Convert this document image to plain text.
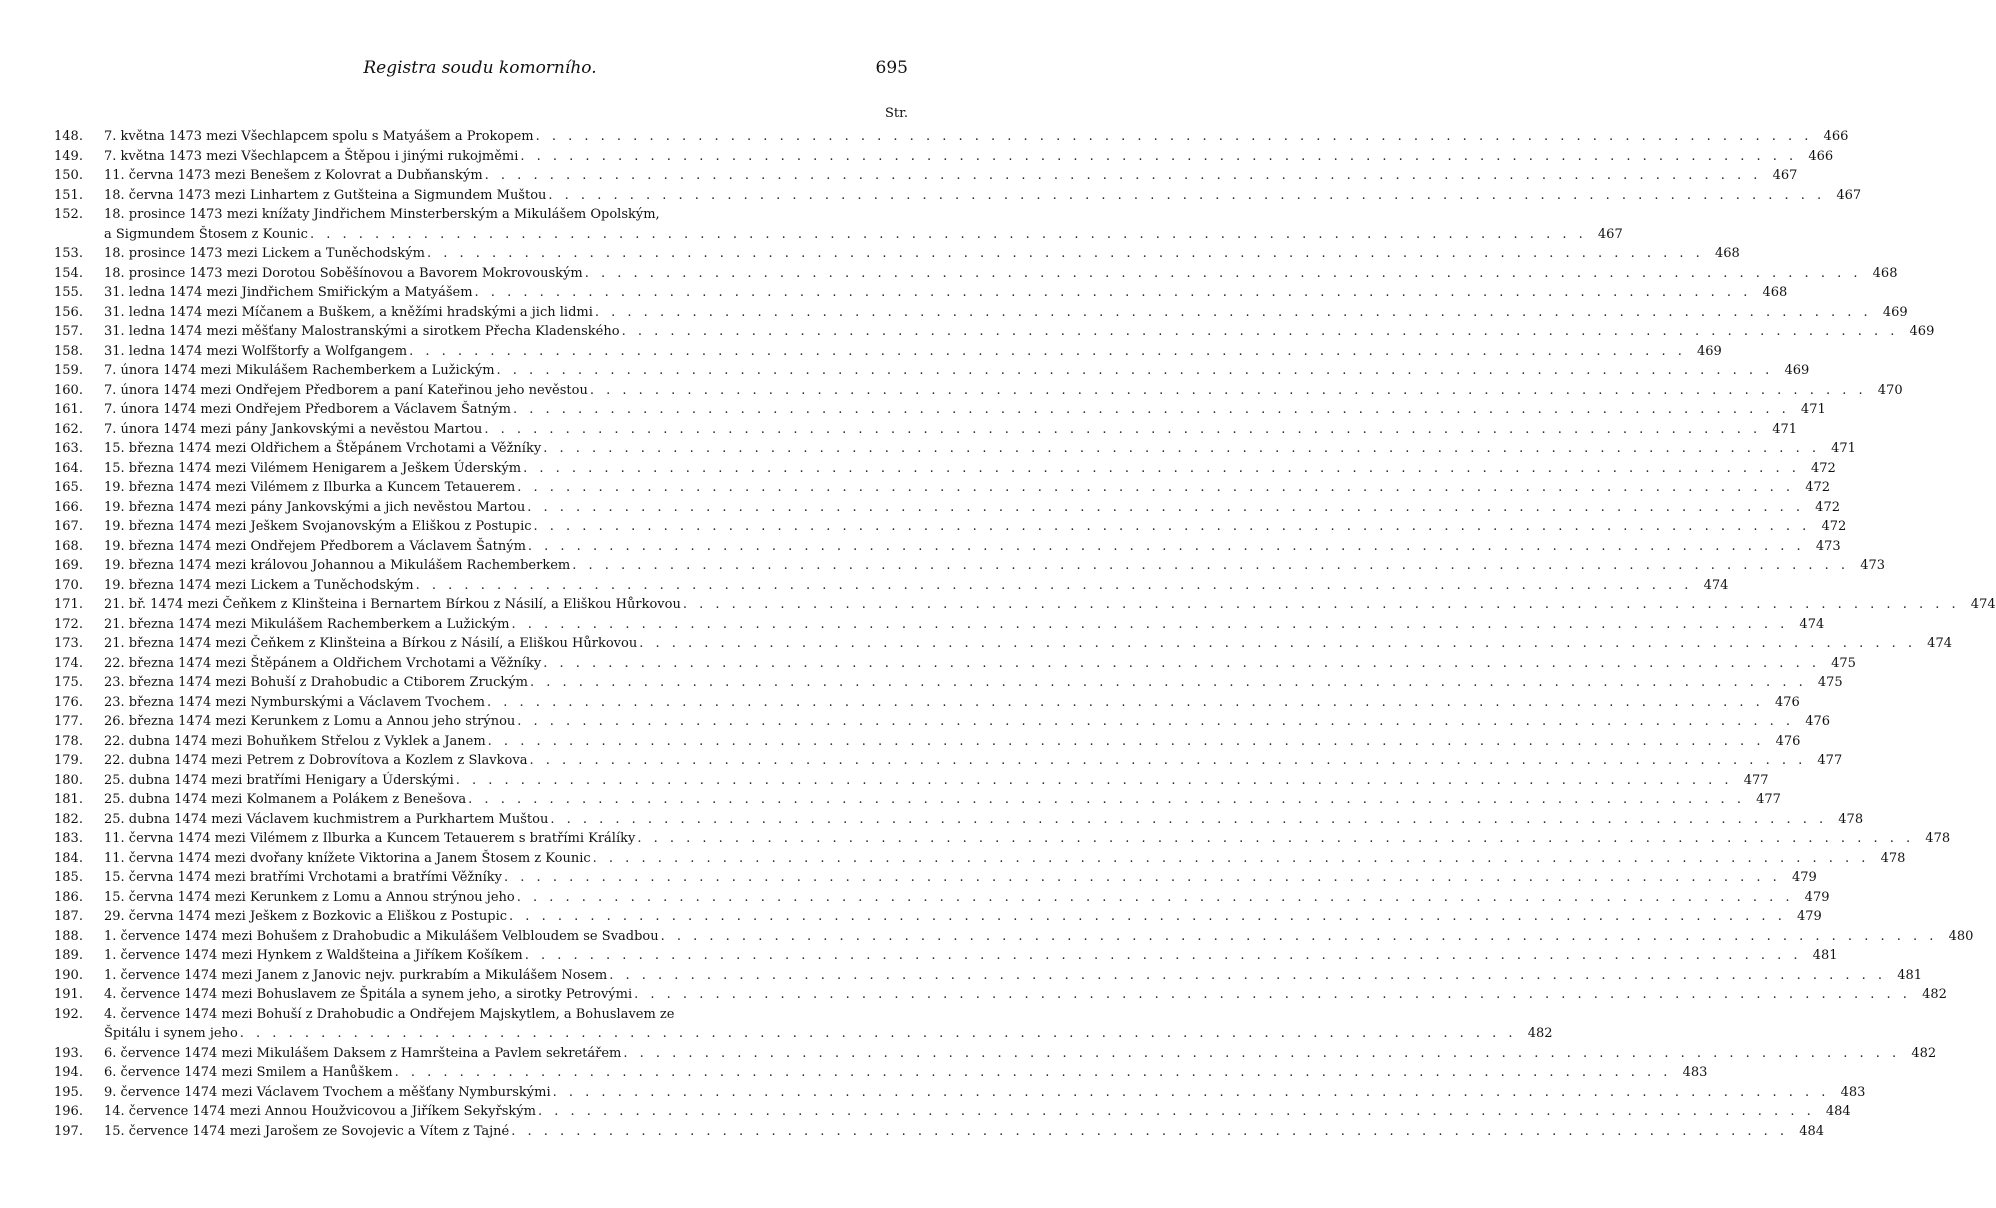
Registra soudu komorního.	695
Str.
148.	7. května 1473 mezi Všechlapcem spolu s Matyášem a Prokopem . . .	466
149.	7. května 1473 mezi Všechlapcem a Štěpou i jinými rukojměmi . . .	466
150.	11. června 1473 mezi Benešem z Kolovrat a Dubňanským . . .	467
151.	18. června 1473 mezi Linhartem z Gutšteina a Sigmundem Muštou . . .	467
152.	18. prosince 1473 mezi knížaty Jindřichem Minsterberským a Mikulášem Opolským,
a Sigmundem Štosem z Kounic . . .	467
153.	18. prosince 1473 mezi Lickem a Tuněchodským . . .	468
154.	18. prosince 1473 mezi Dorotou Soběšínovou a Bavorem Mokrovouským . . .	468
155.	31. ledna 1474 mezi Jindřichem Smiřickým a Matyášem . . .	468
156.	31. ledna 1474 mezi Míčanem a Buškem, a kněžími hradskými a jich lidmi . . .	469
157.	31. ledna 1474 mezi měšťany Malostranskými a sirotkem Přecha Kladenského . . .	469
158.	31. ledna 1474 mezi Wolfštorfy a Wolfgangem . . .	469
159.	7. února 1474 mezi Mikulášem Rachemberkem a Lužickým . . .	469
160.	7. února 1474 mezi Ondřejem Předborem a paní Kateřinou jeho nevěstou . . .	470
161.	7. února 1474 mezi Ondřejem Předborem a Václavem Šatným . . .	471
162.	7. února 1474 mezi pány Jankovskými a nevěstou Martou . . .	471
163.	15. března 1474 mezi Oldřichem a Štěpánem Vrchotami a Věžníky . . .	471
164.	15. března 1474 mezi Vilémem Henigarem a Ješkem Úderským . . .	472
165.	19. března 1474 mezi Vilémem z Ilburka a Kuncem Tetauerem . . .	472
166.	19. března 1474 mezi pány Jankovskými a jich nevěstou Martou . . .	472
167.	19. března 1474 mezi Ješkem Svojanovským a Eliškou z Postupic . . .	472
168.	19. března 1474 mezi Ondřejem Předborem a Václavem Šatným . . .	473
169.	19. března 1474 mezi královou Johannou a Mikulášem Rachemberkem . . .	473
170.	19. března 1474 mezi Lickem a Tuněchodským . . .	474
171.	21. bř. 1474 mezi Čeňkem z Klinšteina i Bernartem Bírkou z Násilí, a Eliškou Hůrkovou . . .	474
172.	21. března 1474 mezi Mikulášem Rachemberkem a Lužickým . . .	474
173.	21. března 1474 mezi Čeňkem z Klinšteina a Bírkou z Násilí, a Eliškou Hůrkovou . . .	474
174.	22. března 1474 mezi Štěpánem a Oldřichem Vrchotami a Věžníky . . .	475
175.	23. března 1474 mezi Bohuší z Drahobudic a Ctiborem Zruckým . . .	475
176.	23. března 1474 mezi Nymburskými a Václavem Tvochem . . .	476
177.	26. března 1474 mezi Kerunkem z Lomu a Annou jeho strýnou . . .	476
178.	22. dubna 1474 mezi Bohuňkem Střelou z Vyklek a Janem . . .	476
179.	22. dubna 1474 mezi Petrem z Dobrovítova a Kozlem z Slavkova . . .	477
180.	25. dubna 1474 mezi bratřími Henigary a Úderskými . . .	477
181.	25. dubna 1474 mezi Kolmanem a Polákem z Benešova . . .	477
182.	25. dubna 1474 mezi Václavem kuchmistrem a Purkhartem Muštou . . .	478
183.	11. června 1474 mezi Vilémem z Ilburka a Kuncem Tetauerem s bratřími Králíky . . .	478
184.	11. června 1474 mezi dvořany knížete Viktorina a Janem Štosem z Kounic . . .	478
185.	15. června 1474 mezi bratřími Vrchotami a bratřími Věžníky . . .	479
186.	15. června 1474 mezi Kerunkem z Lomu a Annou strýnou jeho . . .	479
187.	29. června 1474 mezi Ješkem z Bozkovic a Eliškou z Postupic . . .	479
188.	1. července 1474 mezi Bohušem z Drahobudic a Mikulášem Velbloudem se Svadbou . . .	480
189.	1. července 1474 mezi Hynkem z Waldšteina a Jiříkem Košíkem . . .	481
190.	1. července 1474 mezi Janem z Janovic nejv. purkrabím a Mikulášem Nosem . . .	481
191.	4. července 1474 mezi Bohuslavem ze Špitála a synem jeho, a sirotky Petrovými . . .	482
192.	4. července 1474 mezi Bohuší z Drahobudic a Ondřejem Majskytlem, a Bohuslavem ze
Špitálu i synem jeho . . .	482
193.	6. července 1474 mezi Mikulášem Daksem z Hamršteina a Pavlem sekretářem . . .	482
194.	6. července 1474 mezi Smilem a Hanůškem . . .	483
195.	9. července 1474 mezi Václavem Tvochem a měšťany Nymburskými . . .	483
196.	14. července 1474 mezi Annou Houžvicovou a Jiříkem Sekyřským . . .	484
197.	15. července 1474 mezi Jarošem ze Sovojevic a Vítem z Tajné . . .	484
